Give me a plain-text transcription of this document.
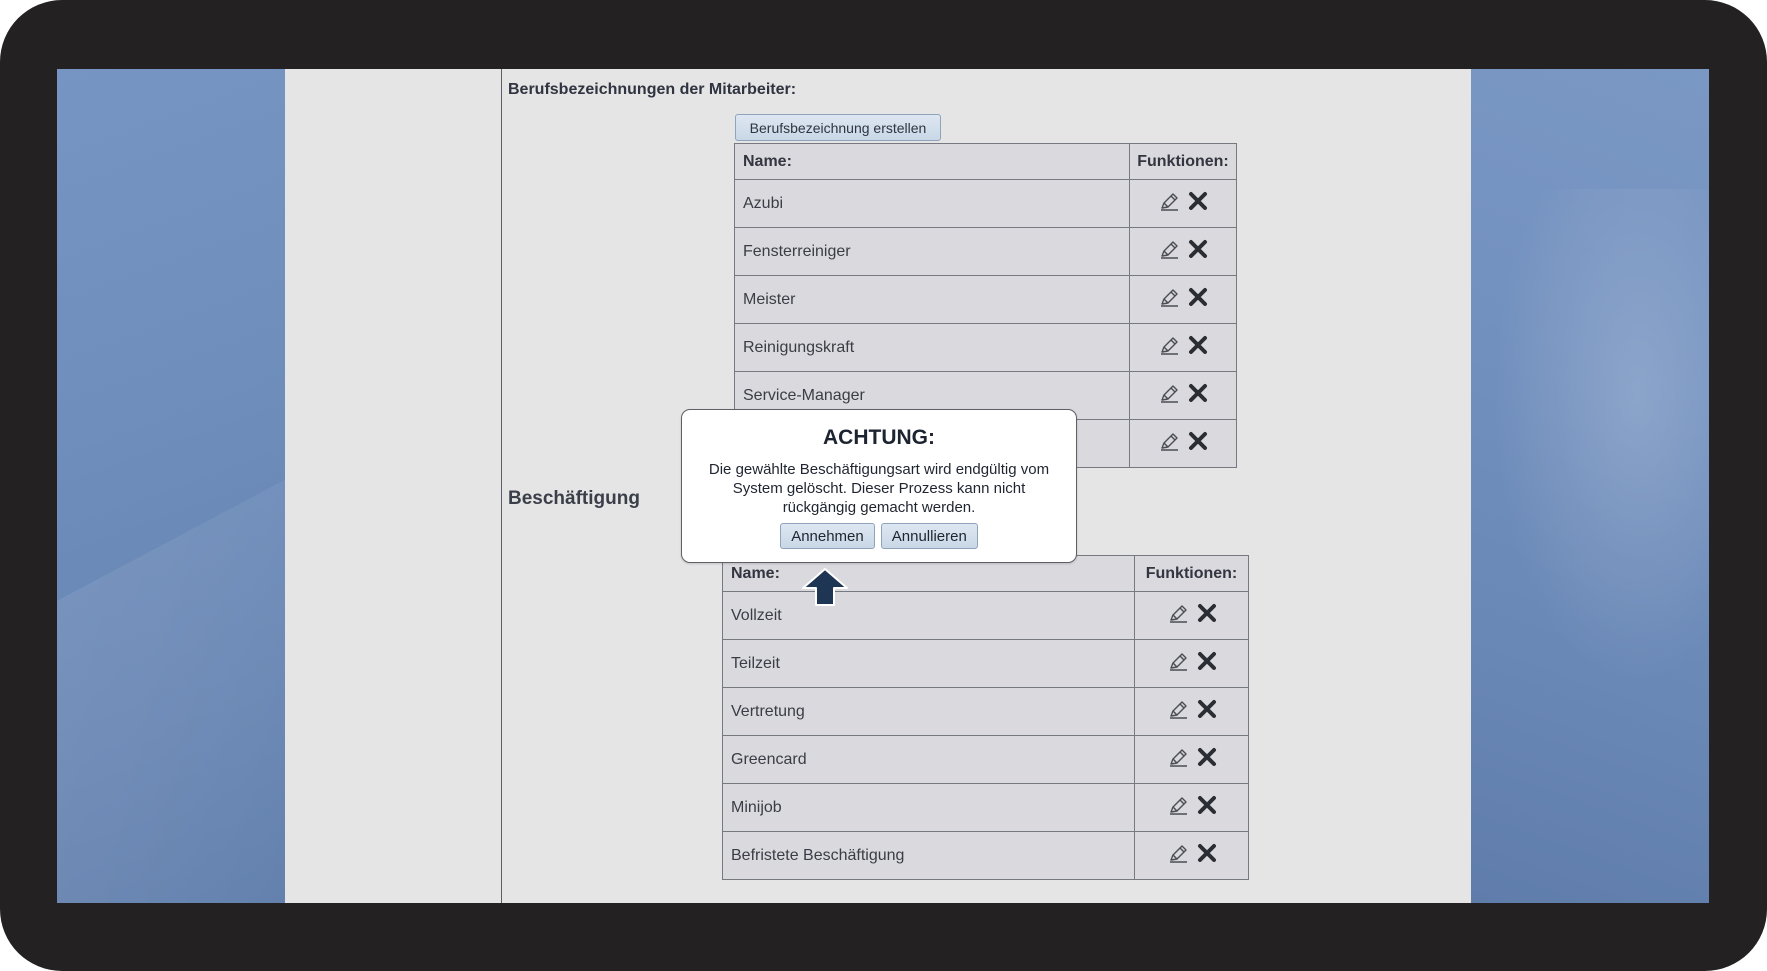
Berufsbezeichnungen der Mitarbeiter:
Berufsbezeichnung erstellen
Name:	Funktionen:
Azubi	

Fensterreiniger	

Meister	

Reinigungskraft	

Service-Manager	

Beschäftigung
Name:	Funktionen:
Vollzeit	

Teilzeit	

Vertretung	

Greencard	

Minijob	

Befristete Beschäftigung	
ACHTUNG:
Die gewählte Beschäftigungsart wird endgültig vom System gelöscht. Dieser Prozess kann nicht rückgängig gemacht werden.
Annehmen	Annullieren
